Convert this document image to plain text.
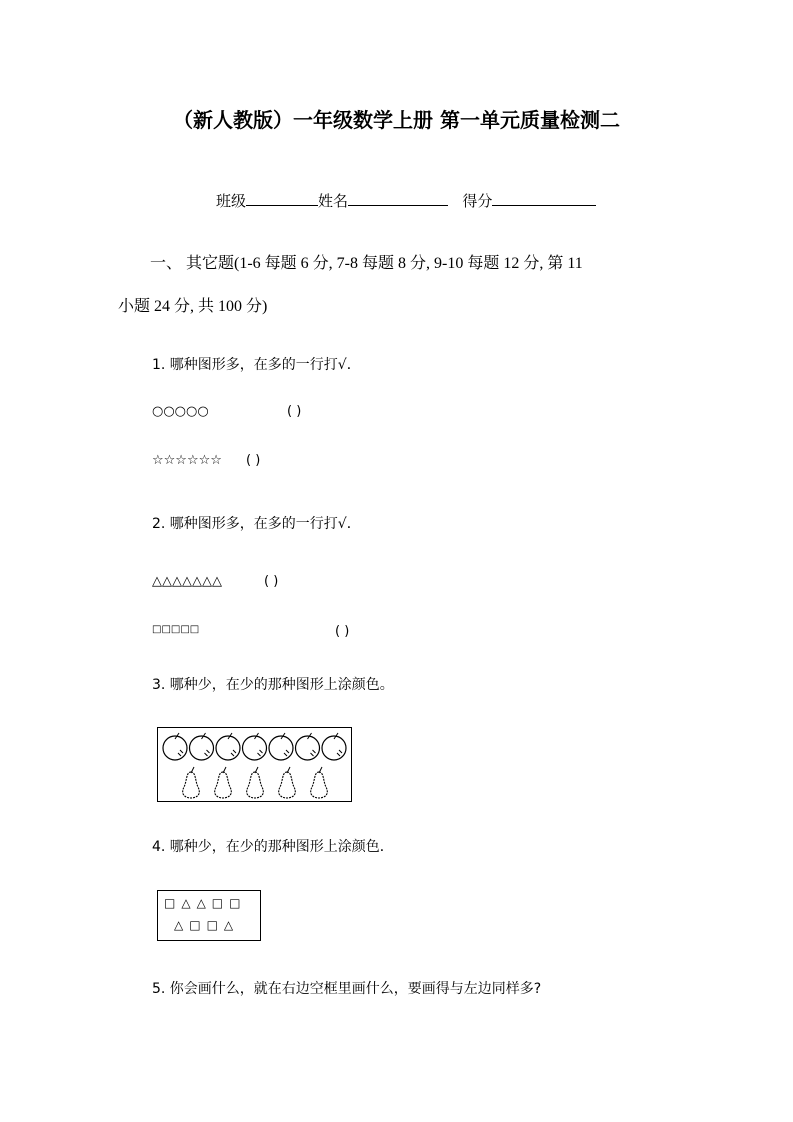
（新人教版）一年级数学上册 第一单元质量检测二
班级	姓名	得分
一、 其它题(1-6 每题 6 分, 7-8 每题 8 分, 9-10 每题 12 分, 第 11
小题 24 分, 共 100 分)
1. 哪种图形多，在多的一行打√．
○○○○○	( )
☆☆☆☆☆☆ ( )
2. 哪种图形多，在多的一行打√．
△△△△△△△	( )
□□□□□	( )
3. 哪种少，在少的那种图形上涂颜色。
4. 哪种少，在少的那种图形上涂颜色．
□△△□□
△□□△
5. 你会画什么，就在右边空框里画什么，要画得与左边同样多?
